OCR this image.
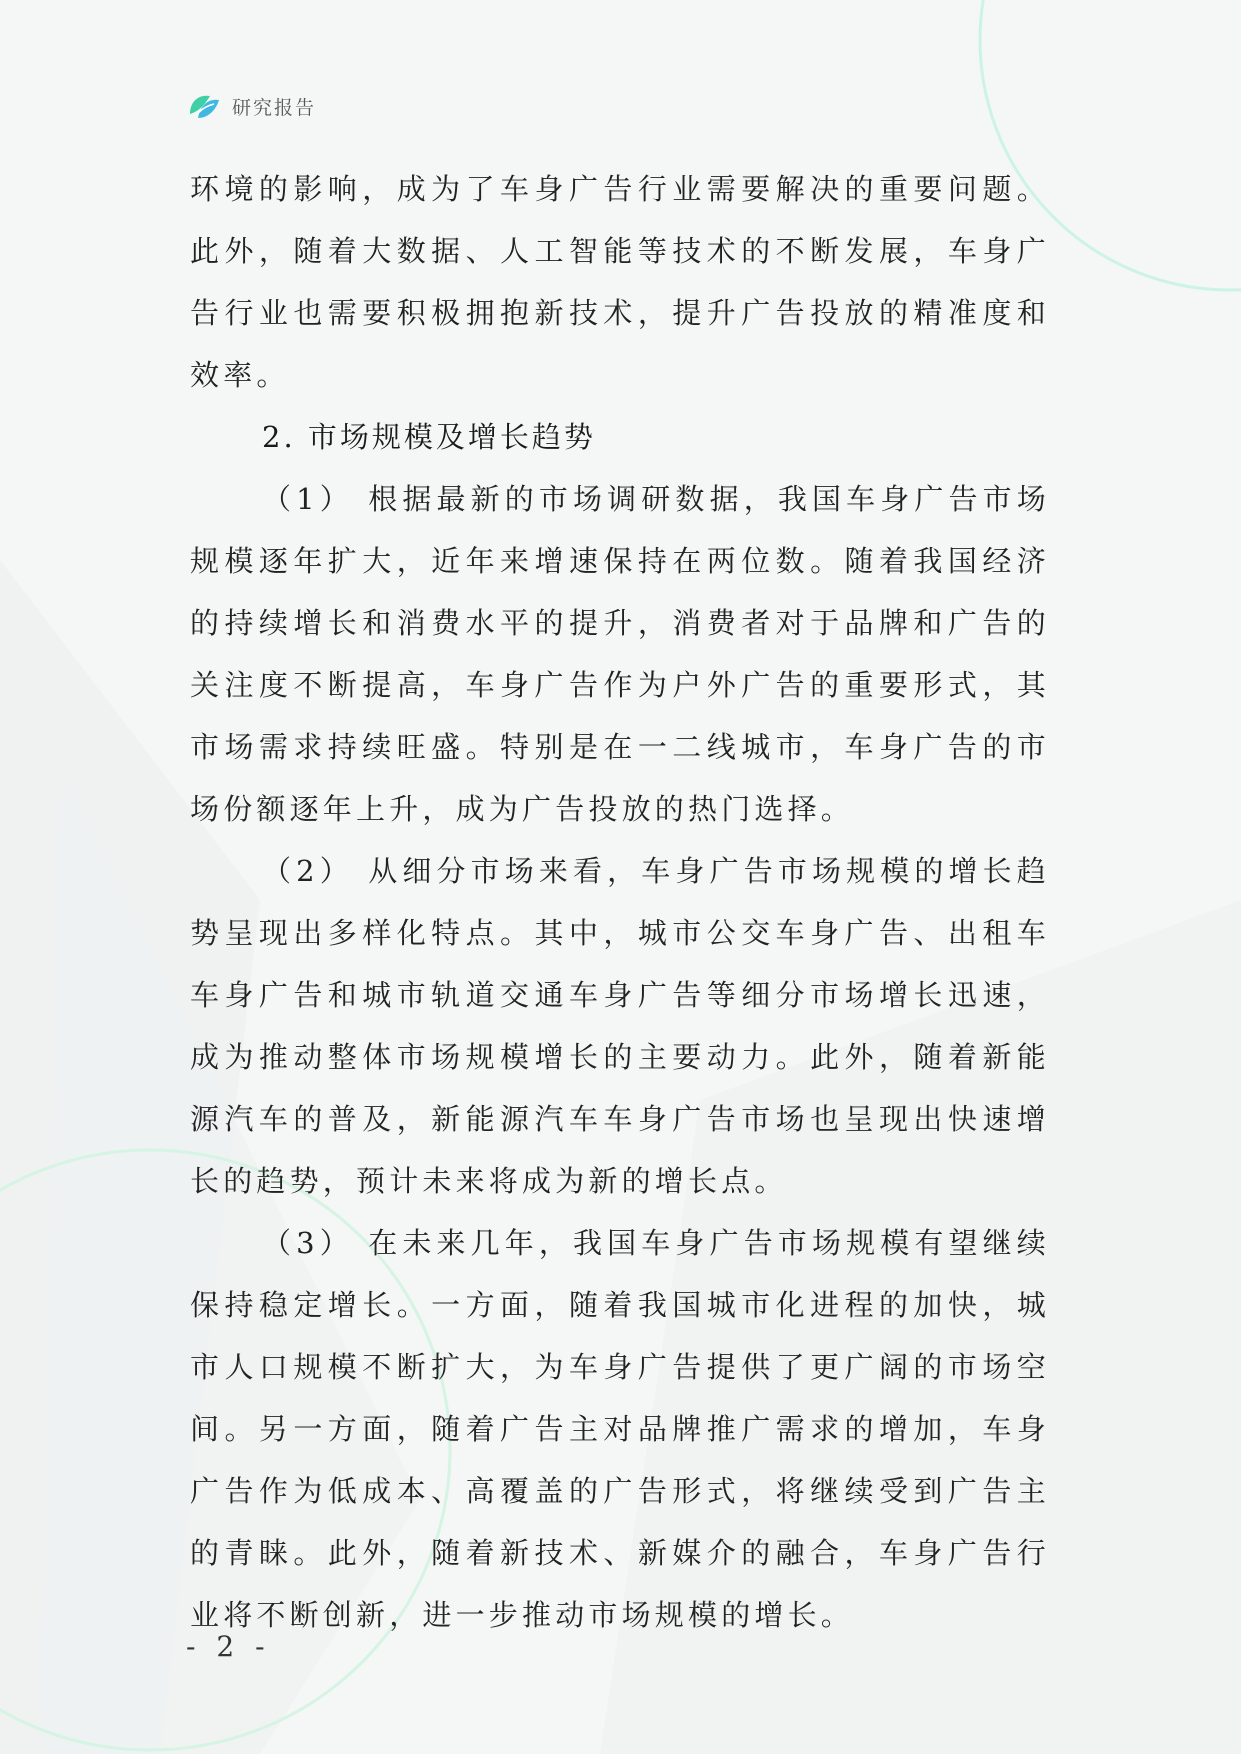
研究报告

环境的影响，成为了车身广告行业需要解决的重要问题。此外，随着大数据、人工智能等技术的不断发展，车身广告行业也需要积极拥抱新技术，提升广告投放的精准度和效率。

2. 市场规模及增长趋势

（1） 根据最新的市场调研数据，我国车身广告市场规模逐年扩大，近年来增速保持在两位数。随着我国经济的持续增长和消费水平的提升，消费者对于品牌和广告的关注度不断提高，车身广告作为户外广告的重要形式，其市场需求持续旺盛。特别是在一二线城市，车身广告的市场份额逐年上升，成为广告投放的热门选择。

（2） 从细分市场来看，车身广告市场规模的增长趋势呈现出多样化特点。其中，城市公交车身广告、出租车车身广告和城市轨道交通车身广告等细分市场增长迅速，成为推动整体市场规模增长的主要动力。此外，随着新能源汽车的普及，新能源汽车车身广告市场也呈现出快速增长的趋势，预计未来将成为新的增长点。

（3） 在未来几年，我国车身广告市场规模有望继续保持稳定增长。一方面，随着我国城市化进程的加快，城市人口规模不断扩大，为车身广告提供了更广阔的市场空间。另一方面，随着广告主对品牌推广需求的增加，车身广告作为低成本、高覆盖的广告形式，将继续受到广告主的青睐。此外，随着新技术、新媒介的融合，车身广告行业将不断创新，进一步推动市场规模的增长。

- 2 -
